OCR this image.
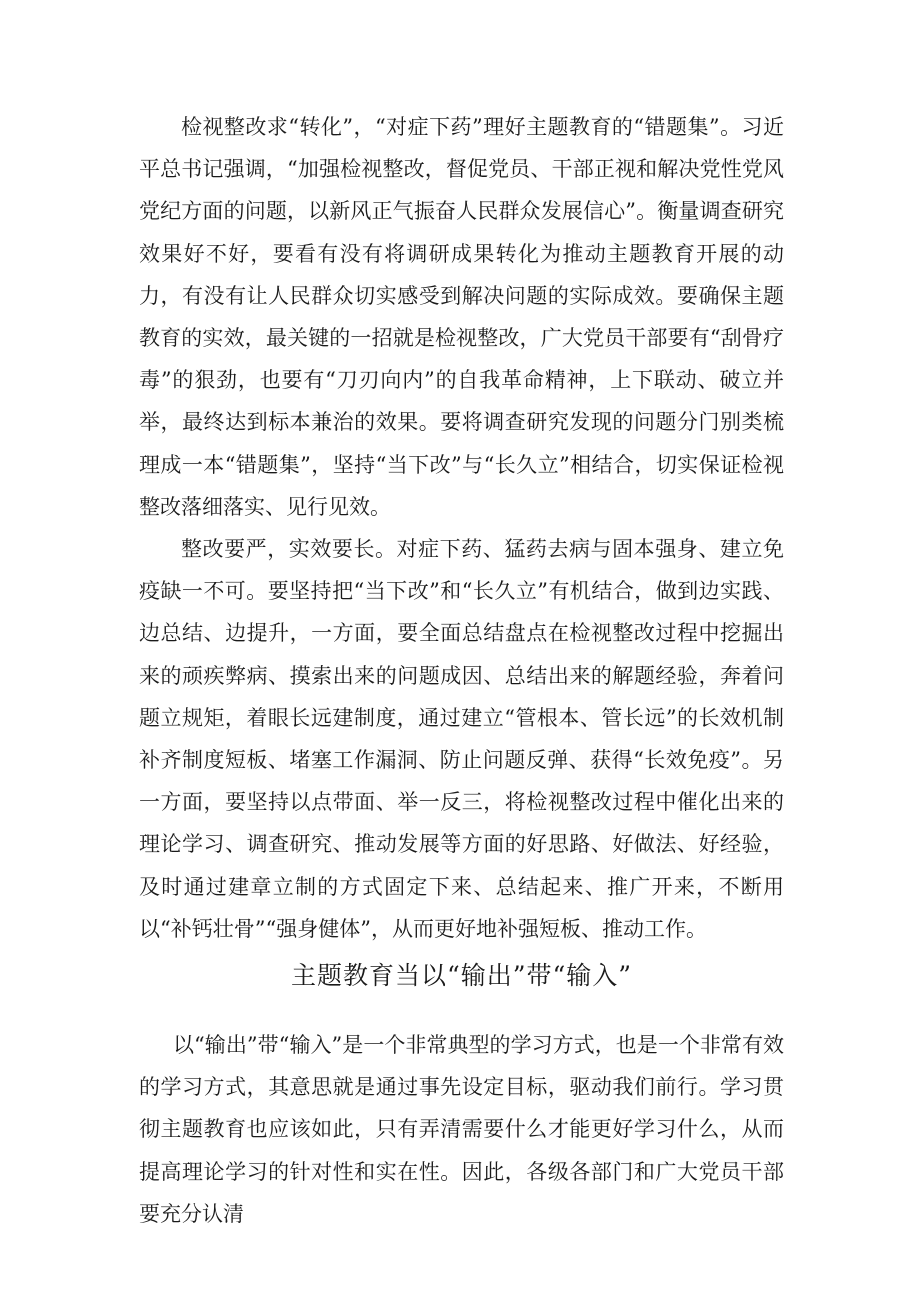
检视整改求“转化”，“对症下药”理好主题教育的“错题集”。习近平总书记强调，“加强检视整改，督促党员、干部正视和解决党性党风党纪方面的问题，以新风正气振奋人民群众发展信心”。衡量调查研究效果好不好，要看有没有将调研成果转化为推动主题教育开展的动力，有没有让人民群众切实感受到解决问题的实际成效。要确保主题教育的实效，最关键的一招就是检视整改，广大党员干部要有“刮骨疗毒”的狠劲，也要有“刀刃向内”的自我革命精神，上下联动、破立并举，最终达到标本兼治的效果。要将调查研究发现的问题分门别类梳理成一本“错题集”，坚持“当下改”与“长久立”相结合，切实保证检视整改落细落实、见行见效。

整改要严，实效要长。对症下药、猛药去病与固本强身、建立免疫缺一不可。要坚持把“当下改”和“长久立”有机结合，做到边实践、边总结、边提升，一方面，要全面总结盘点在检视整改过程中挖掘出来的顽疾弊病、摸索出来的问题成因、总结出来的解题经验，奔着问题立规矩，着眼长远建制度，通过建立“管根本、管长远”的长效机制补齐制度短板、堵塞工作漏洞、防止问题反弹、获得“长效免疫”。另一方面，要坚持以点带面、举一反三，将检视整改过程中催化出来的理论学习、调查研究、推动发展等方面的好思路、好做法、好经验，及时通过建章立制的方式固定下来、总结起来、推广开来，不断用以“补钙壮骨”“强身健体”，从而更好地补强短板、推动工作。

主题教育当以“输出”带“输入”

以“输出”带“输入”是一个非常典型的学习方式，也是一个非常有效的学习方式，其意思就是通过事先设定目标，驱动我们前行。学习贯彻主题教育也应该如此，只有弄清需要什么才能更好学习什么，从而提高理论学习的针对性和实在性。因此，各级各部门和广大党员干部要充分认清
